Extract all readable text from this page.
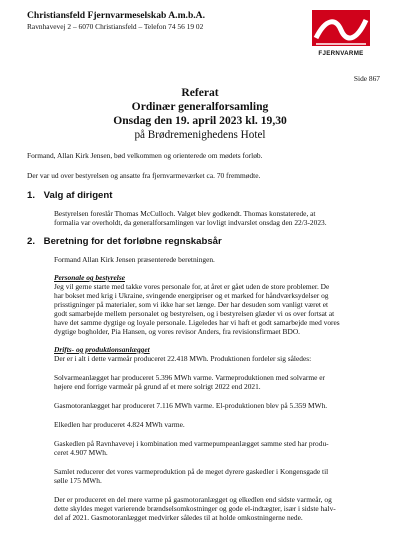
Christiansfeld Fjernvarmeselskab A.m.b.A.
Ravnhavevej 2 – 6070 Christiansfeld – Telefon 74 56 19 02
FJERNVARME
Side 867
Referat
Ordinær generalforsamling
Onsdag den 19. april 2023 kl. 19,30
på Brødremenighedens Hotel
Formand, Allan Kirk Jensen, bød velkommen og orienterede om mødets forløb.
Der var ud over bestyrelsen og ansatte fra fjernvarmeværket ca. 70 fremmødte.
1. Valg af dirigent
Bestyrelsen foreslår Thomas McCulloch. Valget blev godkendt. Thomas konstaterede, at
formalia var overholdt, da generalforsamlingen var lovligt indvarslet onsdag den 22/3-2023.
2. Beretning for det forløbne regnskabsår
Formand Allan Kirk Jensen præsenterede beretningen.
Personale og bestyrelse
Jeg vil gerne starte med takke vores personale for, at året er gået uden de store problemer. De
har bokset med krig i Ukraine, svingende energipriser og et marked for håndværksydelser og
prisstigninger på materialer, som vi ikke har set længe. Der har desuden som vanligt været et
godt samarbejde mellem personalet og bestyrelsen, og i bestyrelsen glæder vi os over fortsat at
have det samme dygtige og loyale personale. Ligeledes har vi haft et godt samarbejde med vores
dygtige bogholder, Pia Hansen, og vores revisor Anders, fra revisionsfirmaet BDO.
Drifts- og produktionsanlægget
Der er i alt i dette varmeår produceret 22.418 MWh. Produktionen fordeler sig således:
Solvarmeanlægget har produceret 5.396 MWh varme. Varmeproduktionen med solvarme er
højere end forrige varmeår på grund af et mere solrigt 2022 end 2021.
Gasmotoranlægget har produceret 7.116 MWh varme. El-produktionen blev på 5.359 MWh.
Elkedlen har produceret 4.824 MWh varme.
Gaskedlen på Ravnhavevej i kombination med varmepumpeanlægget samme sted har produ-
ceret 4.907 MWh.
Samlet reducerer det vores varmeproduktion på de meget dyrere gaskedler i Kongensgade til
sølle 175 MWh.
Der er produceret en del mere varme på gasmotoranlægget og elkedlen end sidste varmeår, og
dette skyldes meget varierende brændselsomkostninger og gode el-indtægter, især i sidste halv-
del af 2021. Gasmotoranlægget medvirker således til at holde omkostningerne nede.
